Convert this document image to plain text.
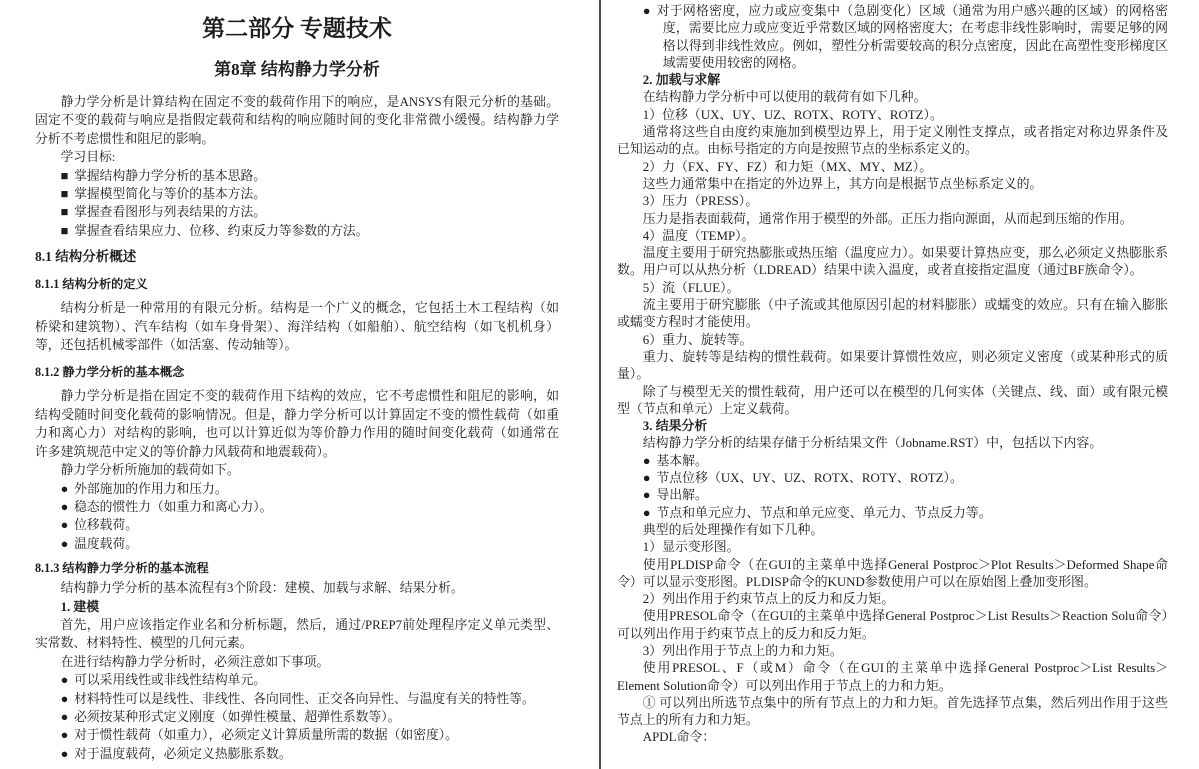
第二部分 专题技术
第8章 结构静力学分析

静力学分析是计算结构在固定不变的载荷作用下的响应，是ANSYS有限元分析的基础。固定不变的载荷与响应是指假定载荷和结构的响应随时间的变化非常微小缓慢。结构静力学分析不考虑惯性和阻尼的影响。

学习目标:

■ 掌握结构静力学分析的基本思路。
■ 掌握模型简化与等价的基本方法。
■ 掌握查看图形与列表结果的方法。
■ 掌握查看结果应力、位移、约束反力等参数的方法。
8.1 结构分析概述
8.1.1 结构分析的定义

结构分析是一种常用的有限元分析。结构是一个广义的概念，它包括土木工程结构（如桥梁和建筑物）、汽车结构（如车身骨架）、海洋结构（如船舶）、航空结构（如飞机机身）等，还包括机械零部件（如活塞、传动轴等）。

8.1.2 静力学分析的基本概念

静力学分析是指在固定不变的载荷作用下结构的效应，它不考虑惯性和阻尼的影响，如结构受随时间变化载荷的影响情况。但是，静力学分析可以计算固定不变的惯性载荷（如重力和离心力）对结构的影响，也可以计算近似为等价静力作用的随时间变化载荷（如通常在许多建筑规范中定义的等价静力风载荷和地震载荷）。

静力学分析所施加的载荷如下。

● 外部施加的作用力和压力。
● 稳态的惯性力（如重力和离心力）。
● 位移载荷。
● 温度载荷。
8.1.3 结构静力学分析的基本流程

结构静力学分析的基本流程有3个阶段：建模、加载与求解、结果分析。

1. 建模

首先，用户应该指定作业名和分析标题，然后，通过/PREP7前处理程序定义单元类型、实常数、材料特性、模型的几何元素。

在进行结构静力学分析时，必须注意如下事项。

● 可以采用线性或非线性结构单元。
● 材料特性可以是线性、非线性、各向同性、正交各向异性、与温度有关的特性等。
● 必须按某种形式定义刚度（如弹性模量、超弹性系数等）。
● 对于惯性载荷（如重力），必须定义计算质量所需的数据（如密度）。
● 对于温度载荷，必须定义热膨胀系数。
● 对于网格密度，应力或应变集中（急剧变化）区域（通常为用户感兴趣的区域）的网格密度，需要比应力或应变近乎常数区域的网格密度大；在考虑非线性影响时，需要足够的网格以得到非线性效应。例如，塑性分析需要较高的积分点密度，因此在高塑性变形梯度区域需要使用较密的网格。

2. 加载与求解

在结构静力学分析中可以使用的载荷有如下几种。

1）位移（UX、UY、UZ、ROTX、ROTY、ROTZ）。

通常将这些自由度约束施加到模型边界上，用于定义刚性支撑点，或者指定对称边界条件及已知运动的点。由标号指定的方向是按照节点的坐标系定义的。

2）力（FX、FY、FZ）和力矩（MX、MY、MZ）。

这些力通常集中在指定的外边界上，其方向是根据节点坐标系定义的。

3）压力（PRESS）。

压力是指表面载荷，通常作用于模型的外部。正压力指向源面，从而起到压缩的作用。

4）温度（TEMP）。

温度主要用于研究热膨胀或热压缩（温度应力）。如果要计算热应变，那么必须定义热膨胀系数。用户可以从热分析（LDREAD）结果中读入温度，或者直接指定温度（通过BF族命令）。

5）流（FLUE）。

流主要用于研究膨胀（中子流或其他原因引起的材料膨胀）或蠕变的效应。只有在输入膨胀或蠕变方程时才能使用。

6）重力、旋转等。

重力、旋转等是结构的惯性载荷。如果要计算惯性效应，则必须定义密度（或某种形式的质量）。

除了与模型无关的惯性载荷，用户还可以在模型的几何实体（关键点、线、面）或有限元模型（节点和单元）上定义载荷。

3. 结果分析

结构静力学分析的结果存储于分析结果文件（Jobname.RST）中，包括以下内容。

● 基本解。
● 节点位移（UX、UY、UZ、ROTX、ROTY、ROTZ）。
● 导出解。
● 节点和单元应力、节点和单元应变、单元力、节点反力等。

典型的后处理操作有如下几种。

1）显示变形图。

使用PLDISP命令（在GUI的主菜单中选择General Postproc＞Plot Results＞Deformed Shape命令）可以显示变形图。PLDISP命令的KUND参数使用户可以在原始图上叠加变形图。

2）列出作用于约束节点上的反力和反力矩。

使用PRESOL命令（在GUI的主菜单中选择General Postproc＞List Results＞Reaction Solu命令）可以列出作用于约束节点上的反力和反力矩。

3）列出作用于节点上的力和力矩。

使用PRESOL、F（或M）命令（在GUI的主菜单中选择General Postproc＞List Results＞Element Solution命令）可以列出作用于节点上的力和力矩。

① 可以列出所选节点集中的所有节点上的力和力矩。首先选择节点集，然后列出作用于这些节点上的所有力和力矩。

APDL命令：
